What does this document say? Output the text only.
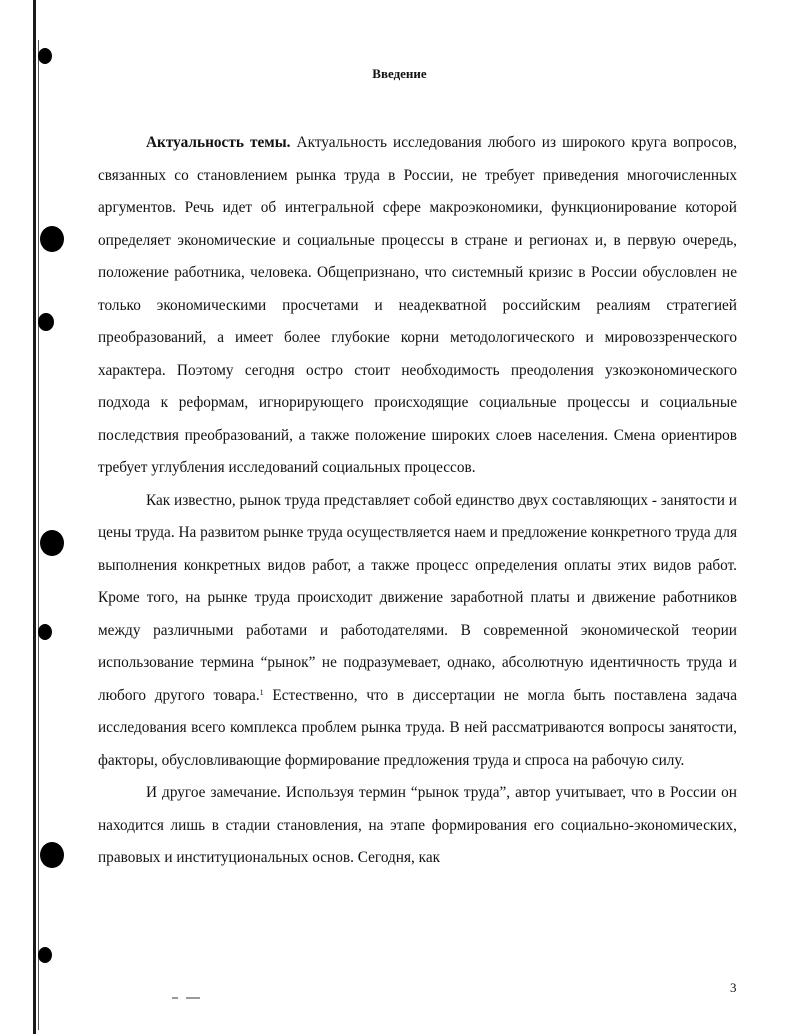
Введение

Актуальность темы. Актуальность исследования любого из широкого круга вопросов, связанных со становлением рынка труда в России, не требует приведения многочисленных аргументов. Речь идет об интегральной сфере макроэкономики, функционирование которой определяет экономические и социальные процессы в стране и регионах и, в первую очередь, положение работника, человека. Общепризнано, что системный кризис в России обусловлен не только экономическими просчетами и неадекватной российским реалиям стратегией преобразований, а имеет более глубокие корни методологического и мировоззренческого характера. Поэтому сегодня остро стоит необходимость преодоления узкоэкономического подхода к реформам, игнорирующего происходящие социальные процессы и социальные последствия преобразований, а также положение широких слоев населения. Смена ориентиров требует углубления исследований социальных процессов.

Как известно, рынок труда представляет собой единство двух составляющих - занятости и цены труда. На развитом рынке труда осуществляется наем и предложение конкретного труда для выполнения конкретных видов работ, а также процесс определения оплаты этих видов работ. Кроме того, на рынке труда происходит движение заработной платы и движение работников между различными работами и работодателями. В современной экономической теории использование термина “рынок” не подразумевает, однако, абсолютную идентичность труда и любого другого товара.$^1$ Естественно, что в диссертации не могла быть поставлена задача исследования всего комплекса проблем рынка труда. В ней рассматриваются вопросы занятости, факторы, обусловливающие формирование предложения труда и спроса на рабочую силу.

И другое замечание. Используя термин “рынок труда”, автор учитывает, что в России он находится лишь в стадии становления, на этапе формирования его социально-экономических, правовых и институциональных основ. Сегодня, как

3
